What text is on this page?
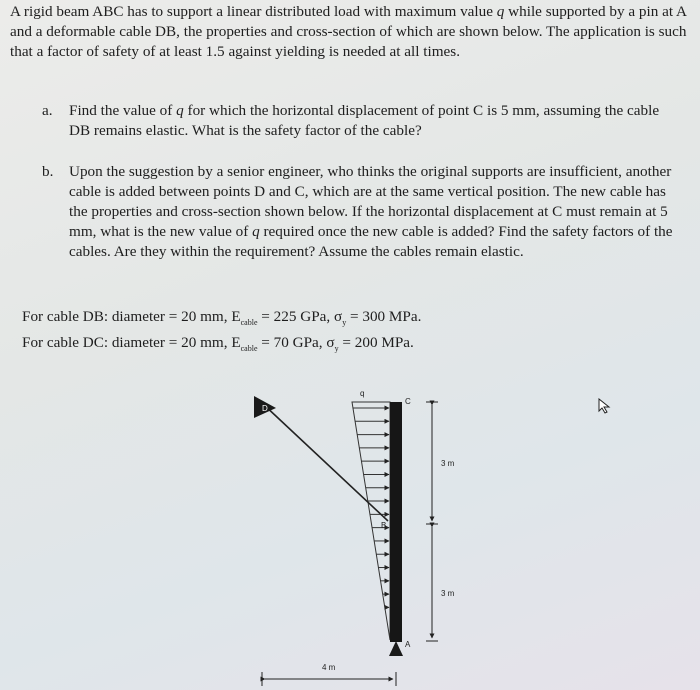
A rigid beam ABC has to support a linear distributed load with maximum value q while supported by a pin at A and a deformable cable DB, the properties and cross-section of which are shown below. The application is such that a factor of safety of at least 1.5 against yielding is needed at all times.

a.	Find the value of q for which the horizontal displacement of point C is 5 mm, assuming the cable DB remains elastic. What is the safety factor of the cable?
b.	Upon the suggestion by a senior engineer, who thinks the original supports are insufficient, another cable is added between points D and C, which are at the same vertical position. The new cable has the properties and cross-section shown below. If the horizontal displacement at C must remain at 5 mm, what is the new value of q required once the new cable is added? Find the safety factors of the cables. Are they within the requirement? Assume the cables remain elastic.
For cable DB: diameter = 20 mm, $E_{cable} = 225$ GPa, $\sigma_y = 300$ MPa.
For cable DC: diameter = 20 mm, $E_{cable} = 70$ GPa, $\sigma_y = 200$ MPa.
D
C
B
A
q
3 m
3 m
4 m
